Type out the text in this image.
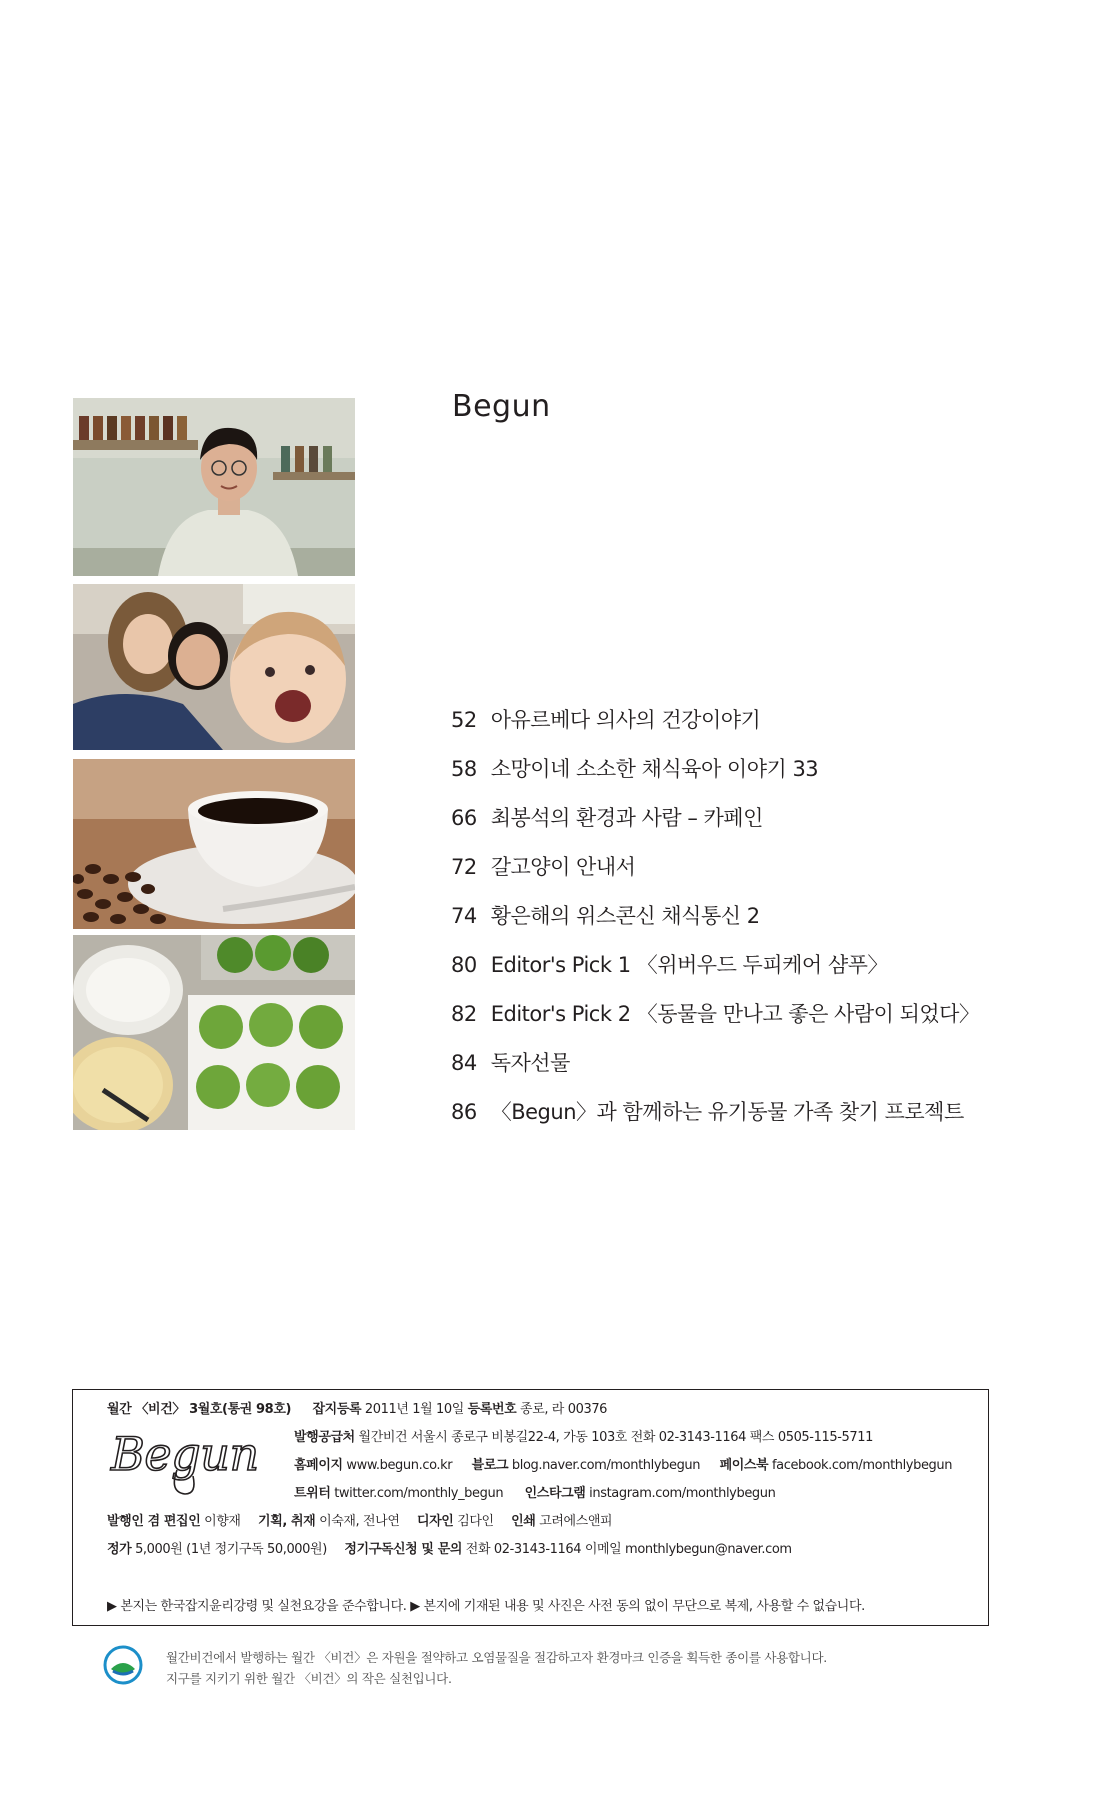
Begun
52 아유르베다 의사의 건강이야기
58 소망이네 소소한 채식육아 이야기 33
66 최봉석의 환경과 사람 – 카페인
72 갈고양이 안내서
74 황은해의 위스콘신 채식통신 2
80 Editor's Pick 1 〈위버우드 두피케어 샴푸〉
82 Editor's Pick 2 〈동물을 만나고 좋은 사람이 되었다〉
84 독자선물
86 〈Begun〉과 함께하는 유기동물 가족 찾기 프로젝트
월간 〈비건〉 3월호(통권 98호) 잡지등록 2011년 1월 10일 등록번호 종로, 라 00376
Begun	발행공급처 월간비건 서울시 종로구 비봉길22-4, 가동 103호 전화 02-3143-1164 팩스 0505-115-5711
홈페이지 www.begun.co.kr 블로그 blog.naver.com/monthlybegun 페이스북 facebook.com/monthlybegun
트위터 twitter.com/monthly_begun 인스타그램 instagram.com/monthlybegun
발행인 겸 편집인 이향재 기획, 취재 이숙재, 전나연 디자인 김다인 인쇄 고려에스앤피
정가 5,000원 (1년 정기구독 50,000원) 정기구독신청 및 문의 전화 02-3143-1164 이메일 monthlybegun@naver.com
▶ 본지는 한국잡지윤리강령 및 실천요강을 준수합니다. ▶ 본지에 기재된 내용 및 사진은 사전 동의 없이 무단으로 복제, 사용할 수 없습니다.
월간비건에서 발행하는 월간 〈비건〉은 자원을 절약하고 오염물질을 절감하고자 환경마크 인증을 획득한 종이를 사용합니다.
지구를 지키기 위한 월간 〈비건〉의 작은 실천입니다.
